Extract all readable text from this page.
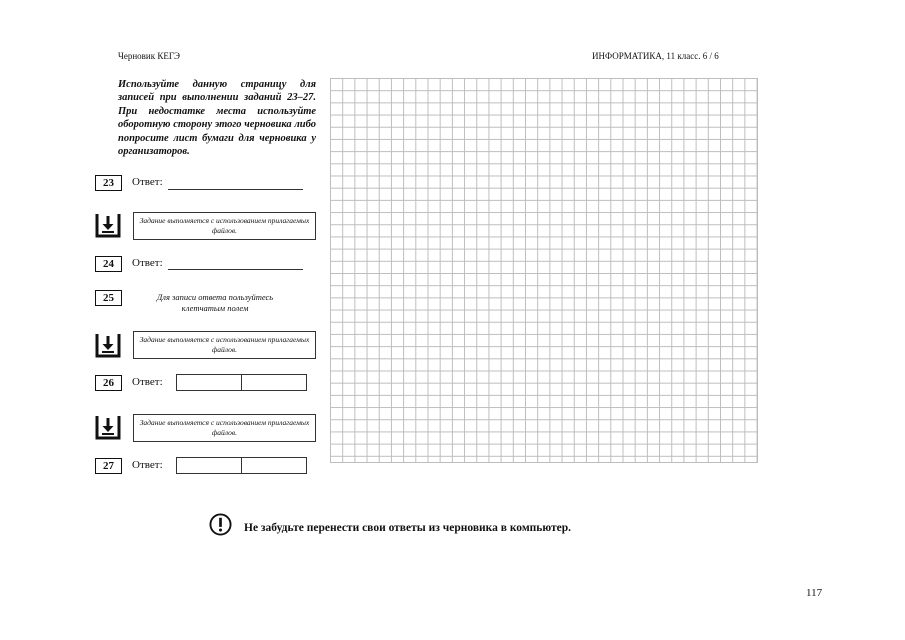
Черновик КЕГЭ	ИНФОРМАТИКА, 11 класс. 6 / 6
Используйте данную страницу для записей при выполнении заданий 23–27. При недостатке места используйте оборотную сторону этого черновика либо попросите лист бумаги для черновика у организаторов.
23	Ответ:
Задание выполняется с использованием прилагаемых файлов.
24	Ответ:
25	Для записи ответа пользуйтесь клетчатым полем
Задание выполняется с использованием прилагаемых файлов.
26	Ответ:
Задание выполняется с использованием прилагаемых файлов.
27	Ответ:
Не забудьте перенести свои ответы из черновика в компьютер.
117
